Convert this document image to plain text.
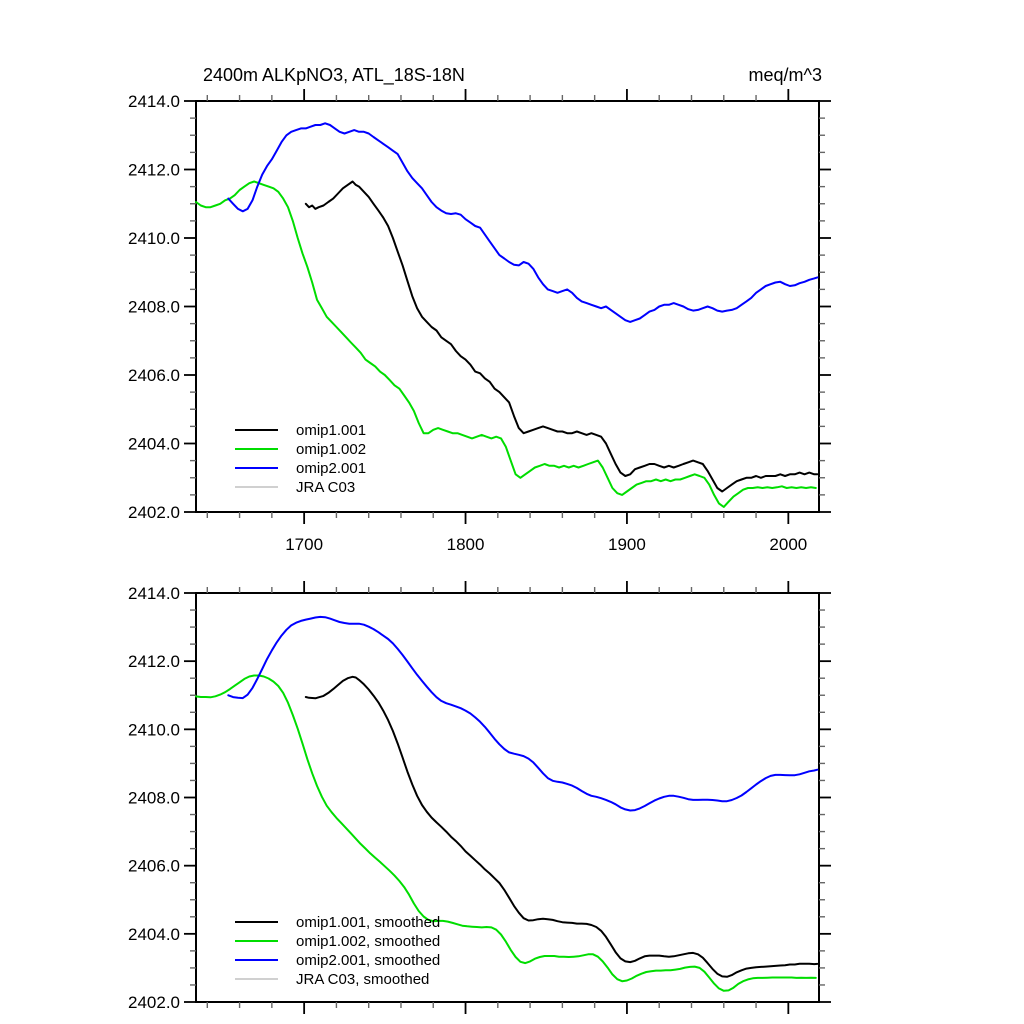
2400m ALKpNO3, ATL_18S-18N	meq/m^3
1700	1800	1900	2000
2402.0
2404.0
2406.0
2408.0
2410.0
2412.0
2414.0
omip1.001
omip1.002
omip2.001
JRA C03
2402.0
2404.0
2406.0
2408.0
2410.0
2412.0
2414.0
omip1.001, smoothed
omip1.002, smoothed
omip2.001, smoothed
JRA C03, smoothed
